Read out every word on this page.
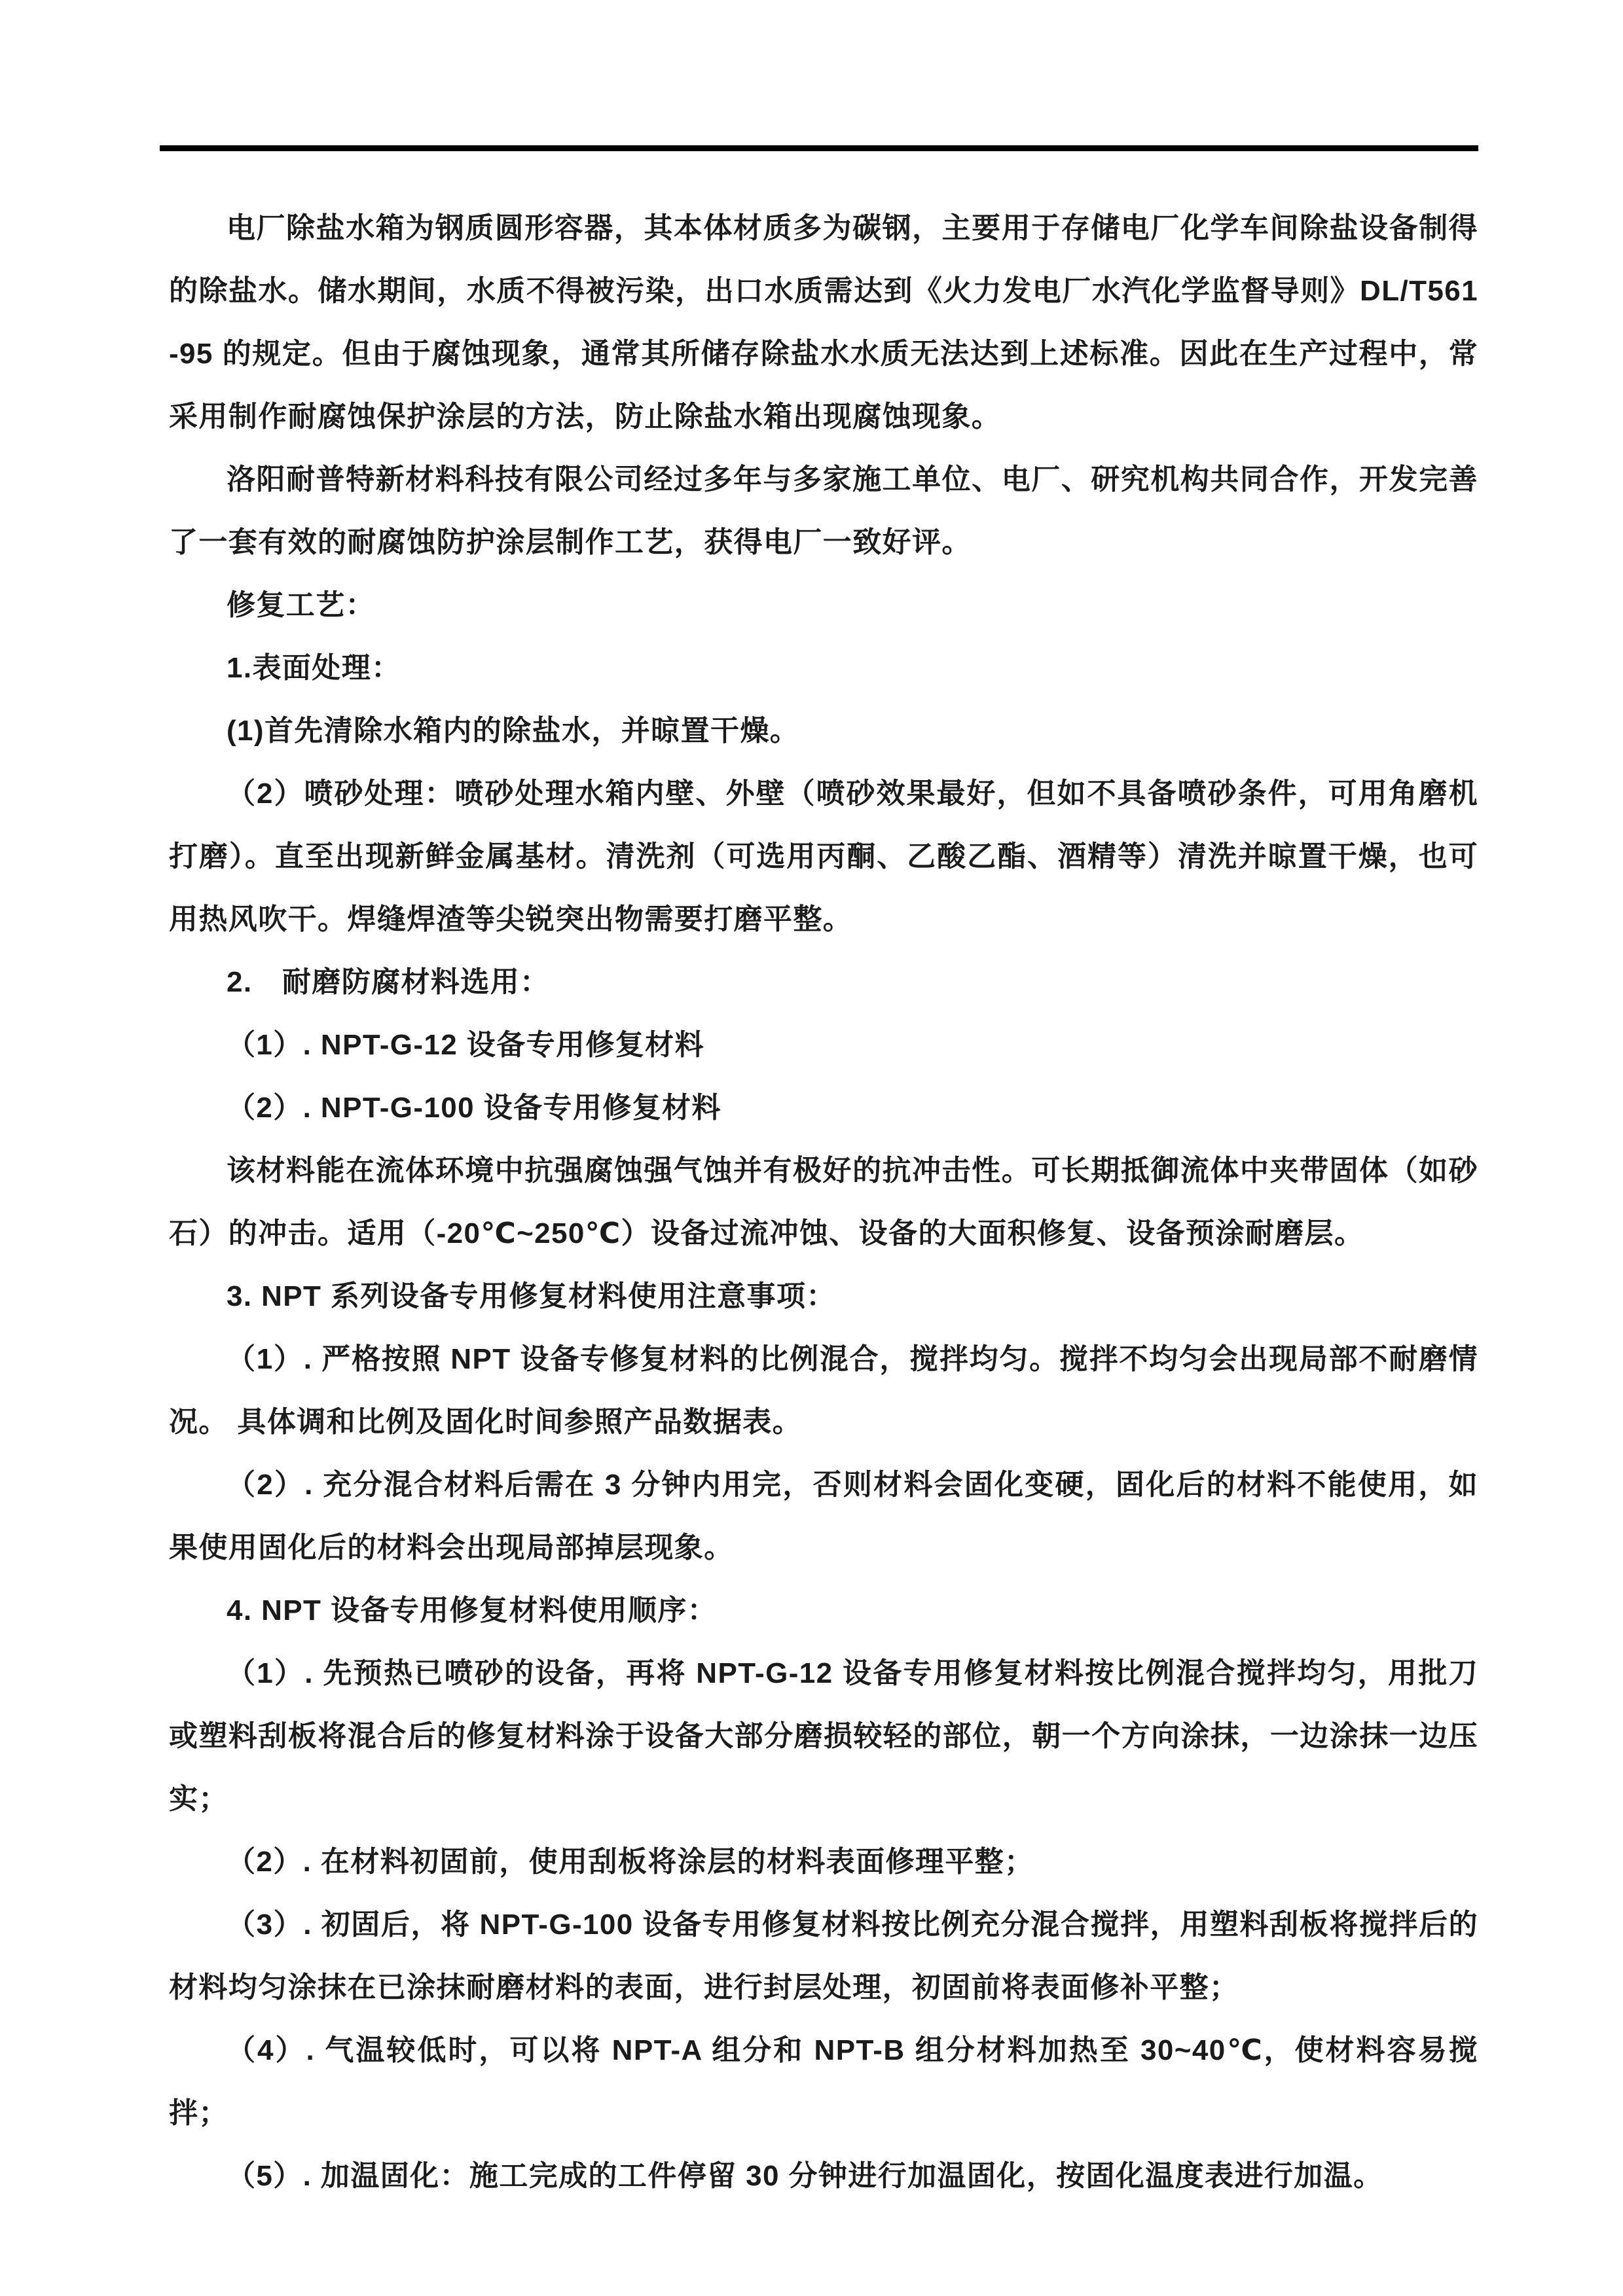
电厂除盐水箱为钢质圆形容器，其本体材质多为碳钢，主要用于存储电厂化学车间除盐设备制得的除盐水。储水期间，水质不得被污染，出口水质需达到《火力发电厂水汽化学监督导则》DL/T561-95 的规定。但由于腐蚀现象，通常其所储存除盐水水质无法达到上述标准。因此在生产过程中，常采用制作耐腐蚀保护涂层的方法，防止除盐水箱出现腐蚀现象。

洛阳耐普特新材料科技有限公司经过多年与多家施工单位、电厂、研究机构共同合作，开发完善了一套有效的耐腐蚀防护涂层制作工艺，获得电厂一致好评。

修复工艺：

1.表面处理：

(1)首先清除水箱内的除盐水，并晾置干燥。

（2）喷砂处理：喷砂处理水箱内壁、外壁（喷砂效果最好，但如不具备喷砂条件，可用角磨机打磨）。直至出现新鲜金属基材。清洗剂（可选用丙酮、乙酸乙酯、酒精等）清洗并晾置干燥，也可用热风吹干。焊缝焊渣等尖锐突出物需要打磨平整。

2.　耐磨防腐材料选用：

（1）. NPT-G-12 设备专用修复材料

（2）. NPT-G-100 设备专用修复材料

该材料能在流体环境中抗强腐蚀强气蚀并有极好的抗冲击性。可长期抵御流体中夹带固体（如砂石）的冲击。适用（-20℃~250℃）设备过流冲蚀、设备的大面积修复、设备预涂耐磨层。

3. NPT 系列设备专用修复材料使用注意事项：

（1）. 严格按照 NPT 设备专修复材料的比例混合，搅拌均匀。搅拌不均匀会出现局部不耐磨情况。 具体调和比例及固化时间参照产品数据表。

（2）. 充分混合材料后需在 3 分钟内用完，否则材料会固化变硬，固化后的材料不能使用，如果使用固化后的材料会出现局部掉层现象。

4. NPT 设备专用修复材料使用顺序：

（1）. 先预热已喷砂的设备，再将 NPT-G-12 设备专用修复材料按比例混合搅拌均匀，用批刀或塑料刮板将混合后的修复材料涂于设备大部分磨损较轻的部位，朝一个方向涂抹，一边涂抹一边压实；

（2）. 在材料初固前，使用刮板将涂层的材料表面修理平整；

（3）. 初固后，将 NPT-G-100 设备专用修复材料按比例充分混合搅拌，用塑料刮板将搅拌后的材料均匀涂抹在已涂抹耐磨材料的表面，进行封层处理，初固前将表面修补平整；

（4）. 气温较低时，可以将 NPT-A 组分和 NPT-B 组分材料加热至 30~40℃，使材料容易搅拌；

（5）. 加温固化：施工完成的工件停留 30 分钟进行加温固化，按固化温度表进行加温。
